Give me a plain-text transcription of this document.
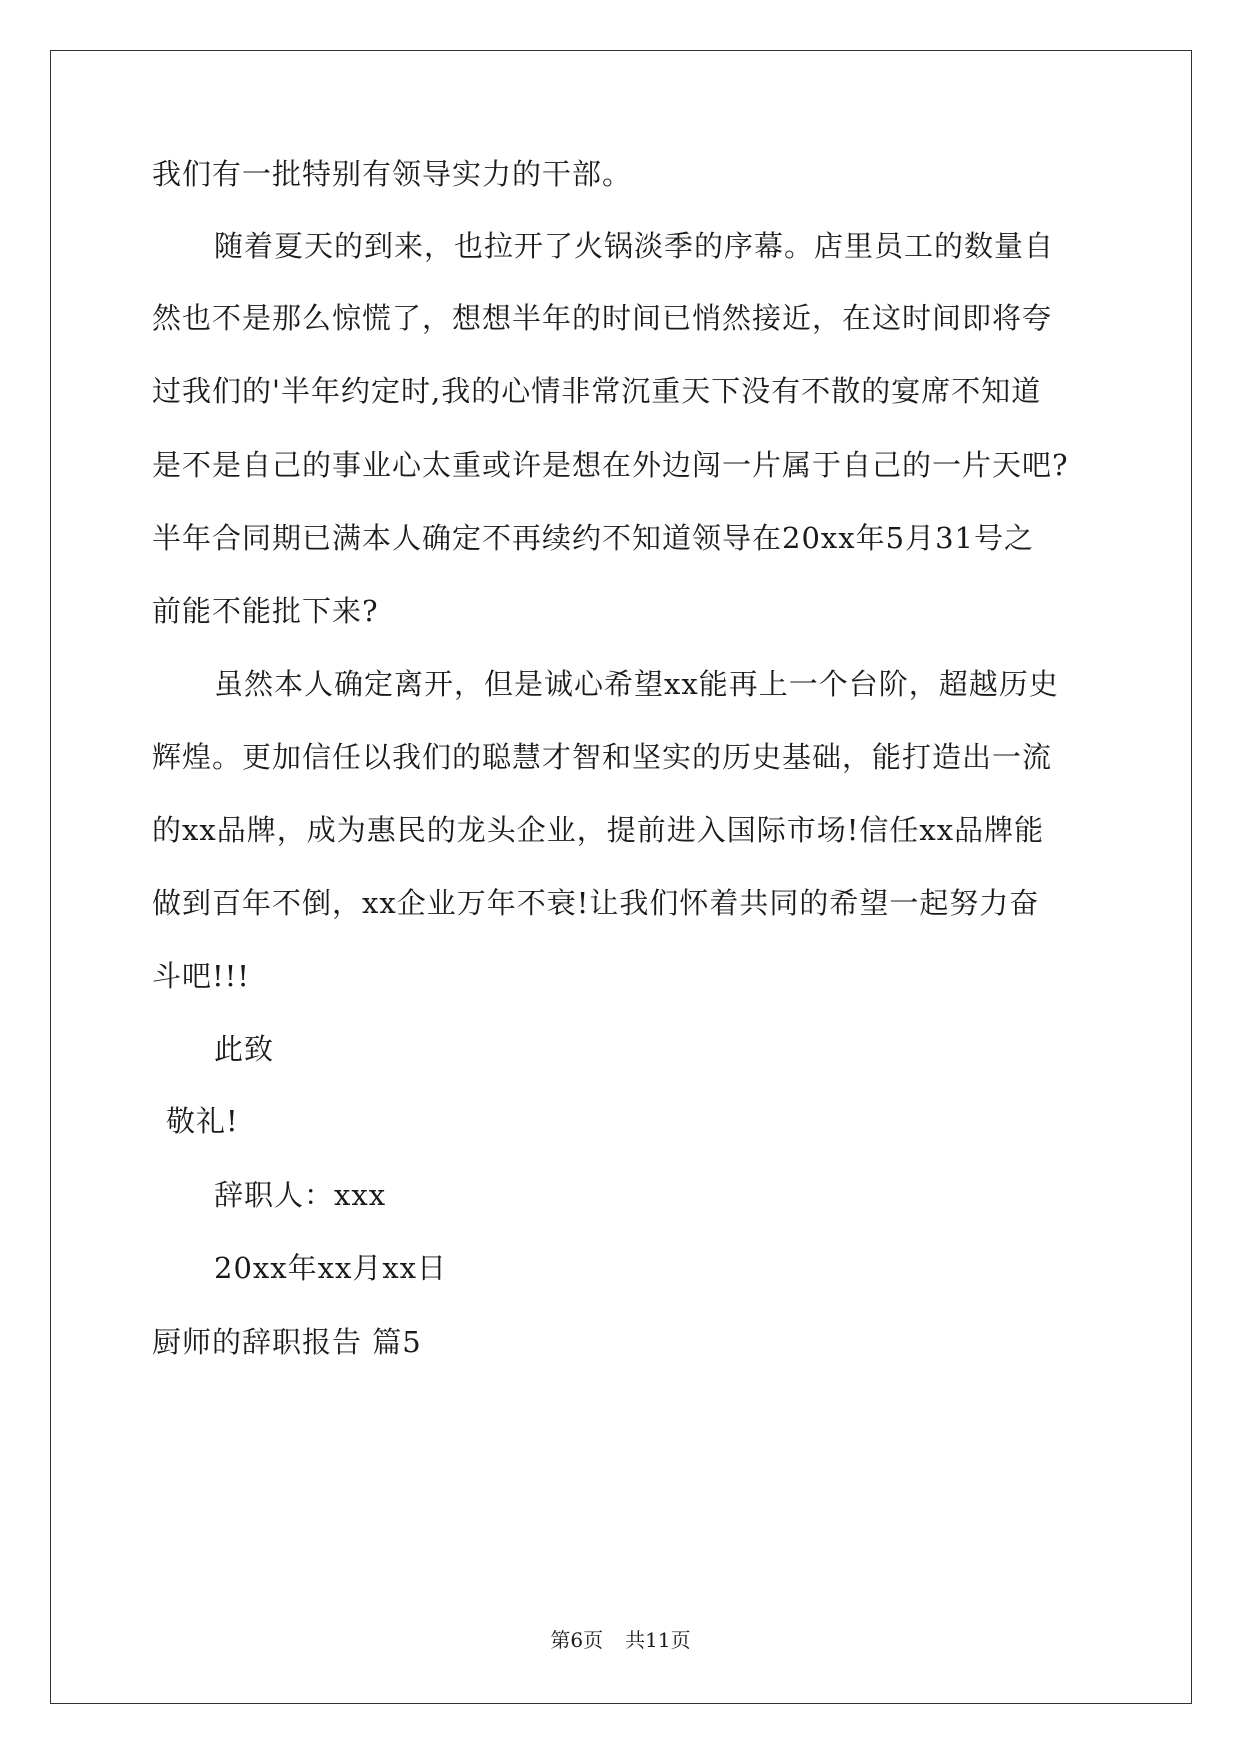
我们有一批特别有领导实力的干部。
随着夏天的到来，也拉开了火锅淡季的序幕。店里员工的数量自
然也不是那么惊慌了，想想半年的时间已悄然接近，在这时间即将夸
过我们的'半年约定时,我的心情非常沉重天下没有不散的宴席不知道
是不是自己的事业心太重或许是想在外边闯一片属于自己的一片天吧?
半年合同期已满本人确定不再续约不知道领导在20xx年5月31号之
前能不能批下来?
虽然本人确定离开，但是诚心希望xx能再上一个台阶，超越历史
辉煌。更加信任以我们的聪慧才智和坚实的历史基础，能打造出一流
的xx品牌，成为惠民的龙头企业，提前进入国际市场!信任xx品牌能
做到百年不倒，xx企业万年不衰!让我们怀着共同的希望一起努力奋
斗吧!!!
此致
敬礼!
辞职人：xxx
20xx年xx月xx日
厨师的辞职报告 篇5
第6页 共11页
